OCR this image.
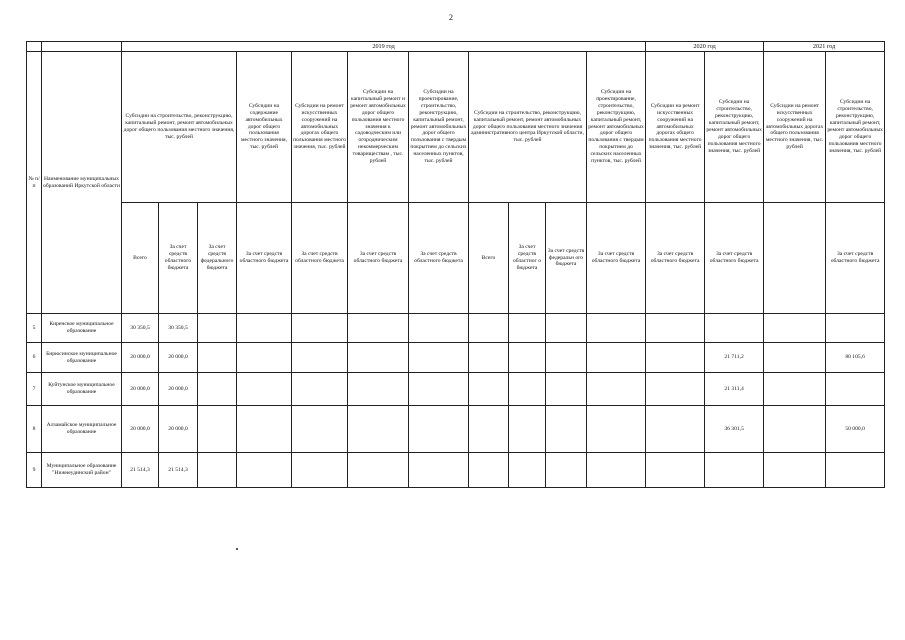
2
		2019 год											2020 год		2021 год	
№ п/п	Наименование муниципальных образований Иркутской области	Субсидии на строительство, реконструкцию, капитальный ремонт, ремонт автомобильных дорог общего пользования местного значения, тыс. рублей			Субсидии на содержание автомобильных дорог общего пользования местного значения, тыс. рублей	Субсидии на ремонт искусственных сооружений на автомобильных дорогах общего пользования местного значения, тыс. рублей	Субсидии на капитальный ремонт и ремонт автомобильных дорог общего пользования местного значения к садоводческим или огородническим некоммерческим товариществам , тыс. рублей	Субсидии на проектирование, строительство, реконструкцию, капитальный ремонт, ремонт автомобильных дорог общего пользования с твердым покрытием до сельских населенных пунктов, тыс. рублей	Субсидии на строительство, реконструкцию, капитальный ремонт, ремонт автомобильных дорог общего пользования местного значения административного центра Иркутской области, тыс. рублей			Субсидии на проектирование, строительство, реконструкцию, капитальный ремонт, ремонт автомобильных дорог общего пользования с твердым покрытием до сельских населенных пунктов, тыс. рублей	Субсидии на ремонт искусственных сооружений на автомобильных дорогах общего пользования местного значения, тыс. рублей	Субсидии на строительство, реконструкцию, капитальный ремонт, ремонт автомобильных дорог общего пользования местного значения, тыс. рублей	Субсидии на ремонт искусственных сооружений на автомобильных дорогах общего пользования местного значения, тыс. рублей	Субсидии на строительство, реконструкцию, капитальный ремонт, ремонт автомобильных дорог общего пользования местного значения, тыс. рублей
		Всего	За счет средств областного бюджета	За счет средств федерального бюджета	За счет средств областного бюджета	За счет средств областного бюджета	За счет средств областного бюджета	За счет средств областного бюджета	Всего	За счет средств областног о бюджета	За счет средств федеральн ого бюджета	За счет средств областного бюджета	За счет средств областного бюджета	За счет средств областного бюджета		За счет средств областного бюджета
5	Киренское муниципальное образование	30 350,5	30 350,5													
6	Бирюсинское муниципальное образование	20 000,0	20 000,0											21 711,2		80 105,6
7	Куйтунское муниципальное образование	20 000,0	20 000,0											21 311,4		
8	Алзамайское муниципальное образование	20 000,0	20 000,0											36 301,5		50 000,0
9	Муниципальное образование "Нижнеудинский район"	21 514,3	21 514,3													
